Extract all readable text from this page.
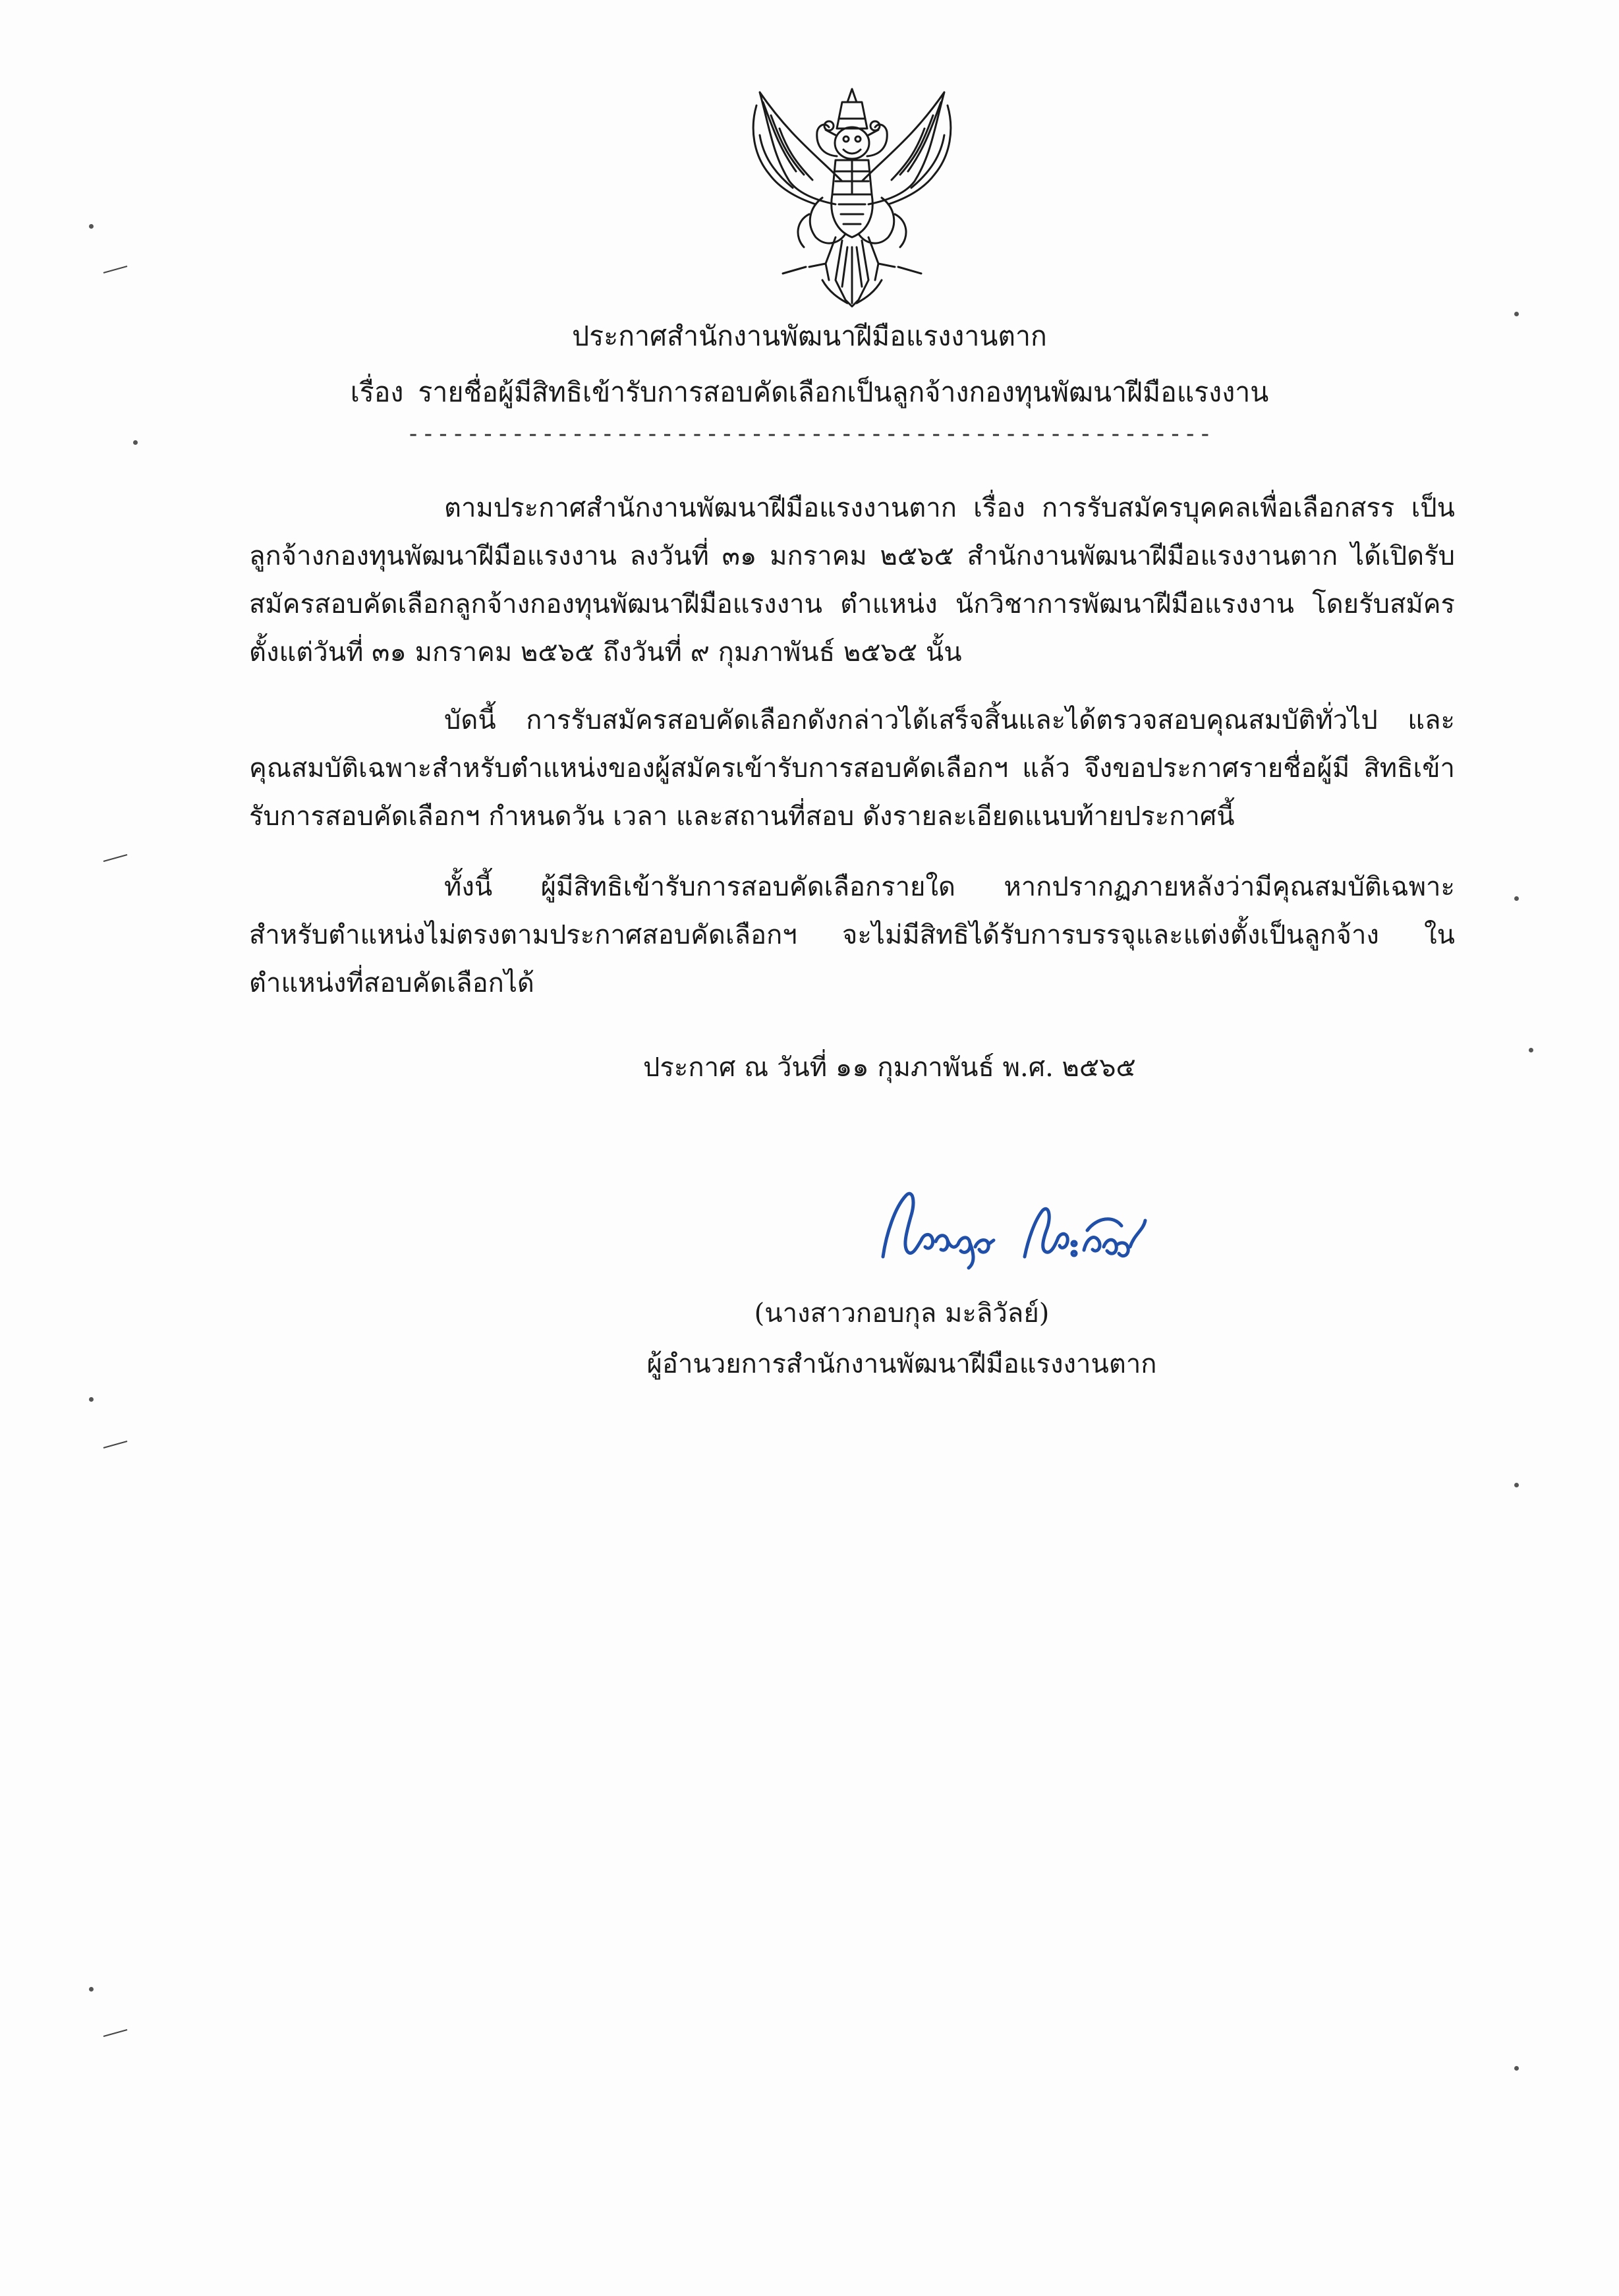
ประกาศสำนักงานพัฒนาฝีมือแรงงานตาก
เรื่อง รายชื่อผู้มีสิทธิเข้ารับการสอบคัดเลือกเป็นลูกจ้างกองทุนพัฒนาฝีมือแรงงาน
------------------------------------------------------

ตามประกาศสำนักงานพัฒนาฝีมือแรงงานตาก เรื่อง การรับสมัครบุคคลเพื่อเลือกสรร เป็นลูกจ้างกองทุนพัฒนาฝีมือแรงงาน ลงวันที่ ๓๑ มกราคม ๒๕๖๕ สำนักงานพัฒนาฝีมือแรงงานตาก ได้เปิดรับสมัครสอบคัดเลือกลูกจ้างกองทุนพัฒนาฝีมือแรงงาน ตำแหน่ง นักวิชาการพัฒนาฝีมือแรงงาน โดยรับสมัครตั้งแต่วันที่ ๓๑ มกราคม ๒๕๖๕ ถึงวันที่ ๙ กุมภาพันธ์ ๒๕๖๕ นั้น

บัดนี้ การรับสมัครสอบคัดเลือกดังกล่าวได้เสร็จสิ้นและได้ตรวจสอบคุณสมบัติทั่วไป และคุณสมบัติเฉพาะสำหรับตำแหน่งของผู้สมัครเข้ารับการสอบคัดเลือกฯ แล้ว จึงขอประกาศรายชื่อผู้มี สิทธิเข้ารับการสอบคัดเลือกฯ กำหนดวัน เวลา และสถานที่สอบ ดังรายละเอียดแนบท้ายประกาศนี้

ทั้งนี้ ผู้มีสิทธิเข้ารับการสอบคัดเลือกรายใด หากปรากฏภายหลังว่ามีคุณสมบัติเฉพาะ สำหรับตำแหน่งไม่ตรงตามประกาศสอบคัดเลือกฯ จะไม่มีสิทธิได้รับการบรรจุและแต่งตั้งเป็นลูกจ้าง ในตำแหน่งที่สอบคัดเลือกได้

ประกาศ ณ วันที่ ๑๑ กุมภาพันธ์ พ.ศ. ๒๕๖๕
(นางสาวกอบกุล มะลิวัลย์)
ผู้อำนวยการสำนักงานพัฒนาฝีมือแรงงานตาก
